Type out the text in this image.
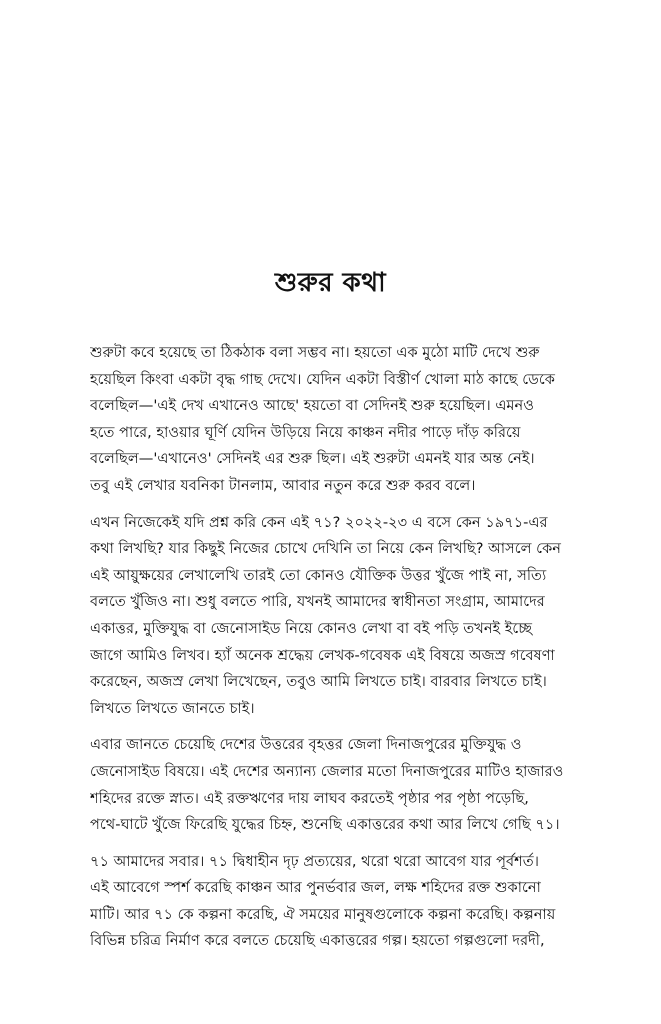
শুরুর কথা

শুরুটা কবে হয়েছে তা ঠিকঠাক বলা সম্ভব না। হয়তো এক মুঠো মাটি দেখে শুরু
হয়েছিল কিংবা একটা বৃদ্ধ গাছ দেখে। যেদিন একটা বিস্তীর্ণ খোলা মাঠ কাছে ডেকে
বলেছিল—'এই দেখ এখানেও আছে' হয়তো বা সেদিনই শুরু হয়েছিল। এমনও
হতে পারে, হাওয়ার ঘূর্ণি যেদিন উড়িয়ে নিয়ে কাঞ্চন নদীর পাড়ে দাঁড় করিয়ে
বলেছিল—'এখানেও' সেদিনই এর শুরু ছিল। এই শুরুটা এমনই যার অন্ত নেই।
তবু এই লেখার যবনিকা টানলাম, আবার নতুন করে শুরু করব বলে।

এখন নিজেকেই যদি প্রশ্ন করি কেন এই ৭১? ২০২২-২৩ এ বসে কেন ১৯৭১-এর
কথা লিখছি? যার কিছুই নিজের চোখে দেখিনি তা নিয়ে কেন লিখছি? আসলে কেন
এই আয়ুক্ষয়ের লেখালেখি তারই তো কোনও যৌক্তিক উত্তর খুঁজে পাই না, সত্যি
বলতে খুঁজিও না। শুধু বলতে পারি, যখনই আমাদের স্বাধীনতা সংগ্রাম, আমাদের
একাত্তর, মুক্তিযুদ্ধ বা জেনোসাইড নিয়ে কোনও লেখা বা বই পড়ি তখনই ইচ্ছে
জাগে আমিও লিখব। হ্যাঁ অনেক শ্রদ্ধেয় লেখক-গবেষক এই বিষয়ে অজস্র গবেষণা
করেছেন, অজস্র লেখা লিখেছেন, তবুও আমি লিখতে চাই। বারবার লিখতে চাই।
লিখতে লিখতে জানতে চাই।

এবার জানতে চেয়েছি দেশের উত্তরের বৃহত্তর জেলা দিনাজপুরের মুক্তিযুদ্ধ ও
জেনোসাইড বিষয়ে। এই দেশের অন্যান্য জেলার মতো দিনাজপুরের মাটিও হাজারও
শহিদের রক্তে স্নাত। এই রক্তঋণের দায় লাঘব করতেই পৃষ্ঠার পর পৃষ্ঠা পড়েছি,
পথে-ঘাটে খুঁজে ফিরেছি যুদ্ধের চিহ্ন, শুনেছি একাত্তরের কথা আর লিখে গেছি ৭১।

৭১ আমাদের সবার। ৭১ দ্বিধাহীন দৃঢ় প্রত্যয়ের, থরো থরো আবেগ যার পূর্বশর্ত।
এই আবেগে স্পর্শ করেছি কাঞ্চন আর পুনর্ভবার জল, লক্ষ শহিদের রক্ত শুকানো
মাটি। আর ৭১ কে কল্পনা করেছি, ঐ সময়ের মানুষগুলোকে কল্পনা করেছি। কল্পনায়
বিভিন্ন চরিত্র নির্মাণ করে বলতে চেয়েছি একাত্তরের গল্প। হয়তো গল্পগুলো দরদী,
